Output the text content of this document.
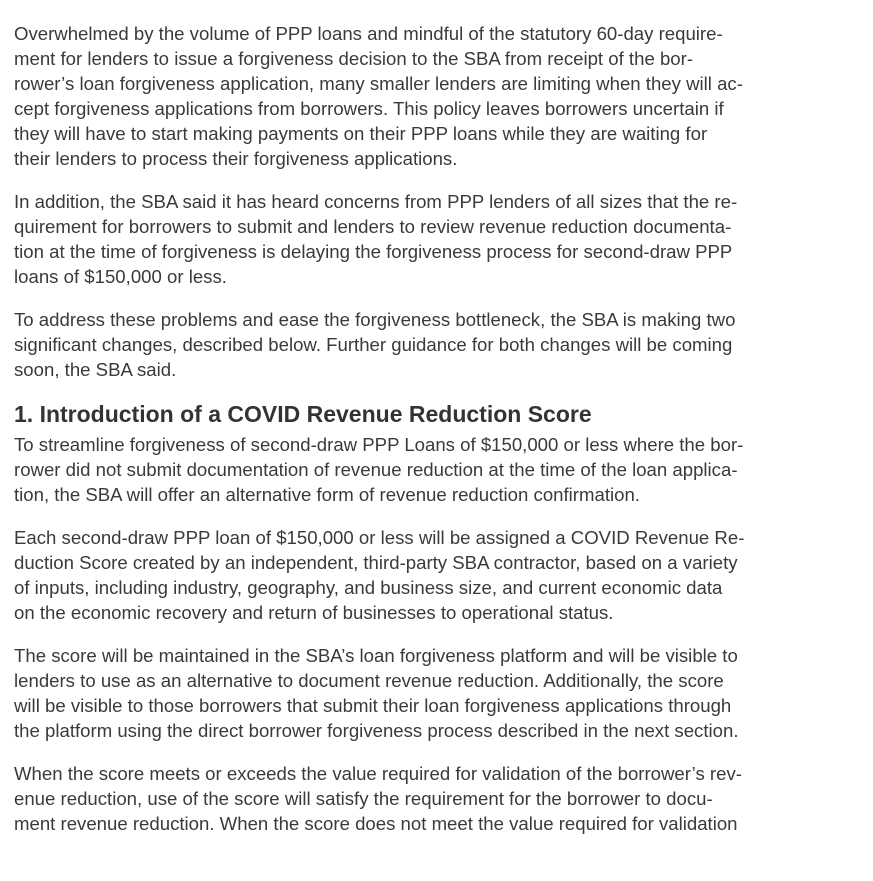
Overwhelmed by the volume of PPP loans and mindful of the statutory 60-day require-
ment for lenders to issue a forgiveness decision to the SBA from receipt of the bor-
rower’s loan forgiveness application, many smaller lenders are limiting when they will ac-
cept forgiveness applications from borrowers. This policy leaves borrowers uncertain if
they will have to start making payments on their PPP loans while they are waiting for
their lenders to process their forgiveness applications.
In addition, the SBA said it has heard concerns from PPP lenders of all sizes that the re-
quirement for borrowers to submit and lenders to review revenue reduction documenta-
tion at the time of forgiveness is delaying the forgiveness process for second-draw PPP
loans of $150,000 or less.
To address these problems and ease the forgiveness bottleneck, the SBA is making two
significant changes, described below. Further guidance for both changes will be coming
soon, the SBA said.
1. Introduction of a COVID Revenue Reduction Score
To streamline forgiveness of second-draw PPP Loans of $150,000 or less where the bor-
rower did not submit documentation of revenue reduction at the time of the loan applica-
tion, the SBA will offer an alternative form of revenue reduction confirmation.
Each second-draw PPP loan of $150,000 or less will be assigned a COVID Revenue Re-
duction Score created by an independent, third-party SBA contractor, based on a variety
of inputs, including industry, geography, and business size, and current economic data
on the economic recovery and return of businesses to operational status.
The score will be maintained in the SBA’s loan forgiveness platform and will be visible to
lenders to use as an alternative to document revenue reduction. Additionally, the score
will be visible to those borrowers that submit their loan forgiveness applications through
the platform using the direct borrower forgiveness process described in the next section.
When the score meets or exceeds the value required for validation of the borrower’s rev-
enue reduction, use of the score will satisfy the requirement for the borrower to docu-
ment revenue reduction. When the score does not meet the value required for validation
